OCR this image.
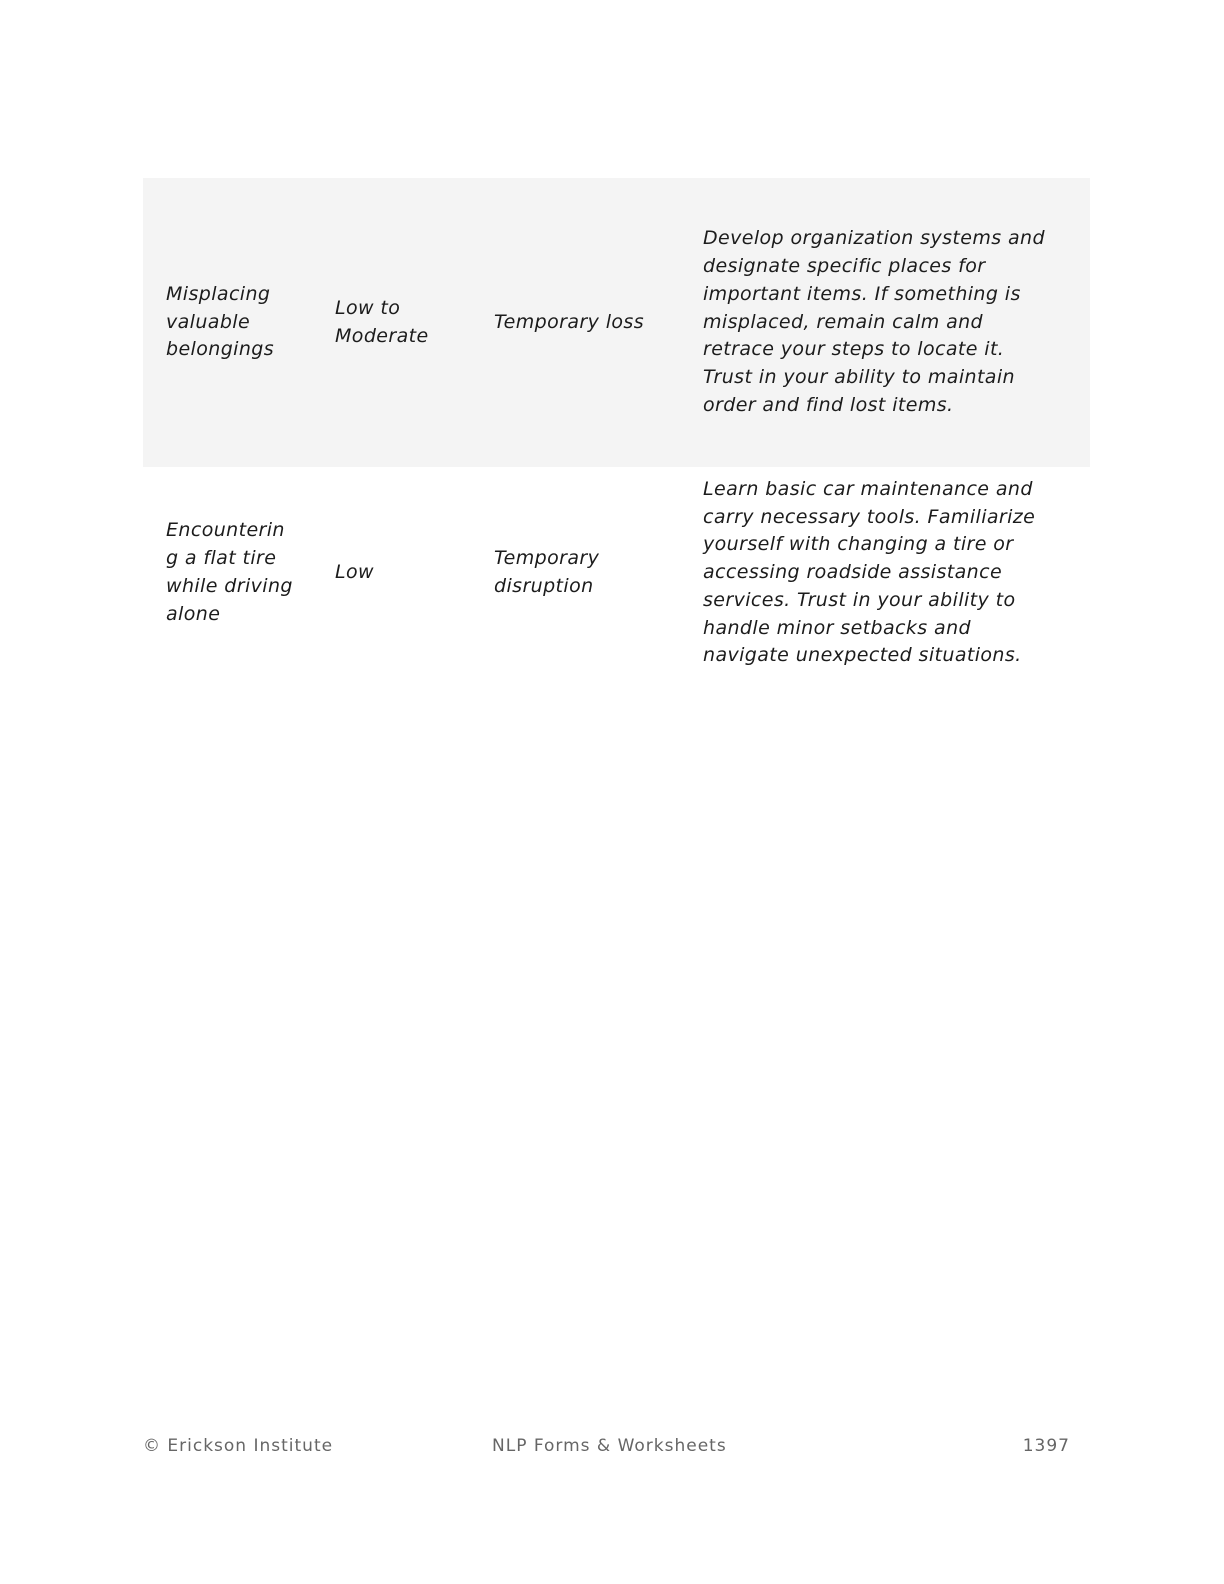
Misplacing valuable belongings	Low to Moderate	Temporary loss	Develop organization systems and designate specific places for important items. If something is misplaced, remain calm and retrace your steps to locate it. Trust in your ability to maintain order and find lost items.

Encountering a flat tire while driving alone	Low	Temporary disruption	Learn basic car maintenance and carry necessary tools. Familiarize yourself with changing a tire or accessing roadside assistance services. Trust in your ability to handle minor setbacks and navigate unexpected situations.
© Erickson Institute	NLP Forms & Worksheets	1397
